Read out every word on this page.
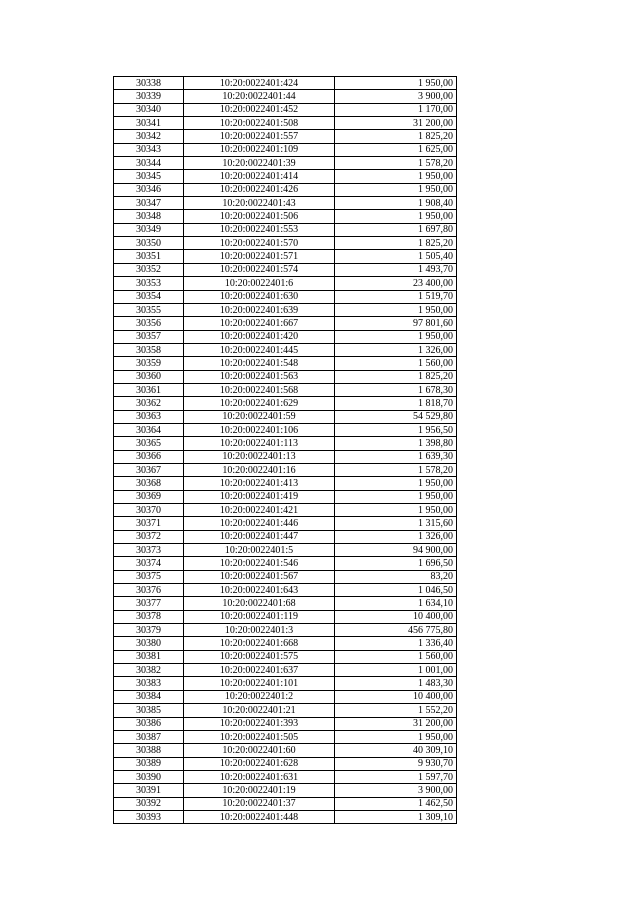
30338	10:20:0022401:424	1 950,00
30339	10:20:0022401:44	3 900,00
30340	10:20:0022401:452	1 170,00
30341	10:20:0022401:508	31 200,00
30342	10:20:0022401:557	1 825,20
30343	10:20:0022401:109	1 625,00
30344	10:20:0022401:39	1 578,20
30345	10:20:0022401:414	1 950,00
30346	10:20:0022401:426	1 950,00
30347	10:20:0022401:43	1 908,40
30348	10:20:0022401:506	1 950,00
30349	10:20:0022401:553	1 697,80
30350	10:20:0022401:570	1 825,20
30351	10:20:0022401:571	1 505,40
30352	10:20:0022401:574	1 493,70
30353	10:20:0022401:6	23 400,00
30354	10:20:0022401:630	1 519,70
30355	10:20:0022401:639	1 950,00
30356	10:20:0022401:667	97 801,60
30357	10:20:0022401:420	1 950,00
30358	10:20:0022401:445	1 326,00
30359	10:20:0022401:548	1 560,00
30360	10:20:0022401:563	1 825,20
30361	10:20:0022401:568	1 678,30
30362	10:20:0022401:629	1 818,70
30363	10:20:0022401:59	54 529,80
30364	10:20:0022401:106	1 956,50
30365	10:20:0022401:113	1 398,80
30366	10:20:0022401:13	1 639,30
30367	10:20:0022401:16	1 578,20
30368	10:20:0022401:413	1 950,00
30369	10:20:0022401:419	1 950,00
30370	10:20:0022401:421	1 950,00
30371	10:20:0022401:446	1 315,60
30372	10:20:0022401:447	1 326,00
30373	10:20:0022401:5	94 900,00
30374	10:20:0022401:546	1 696,50
30375	10:20:0022401:567	83,20
30376	10:20:0022401:643	1 046,50
30377	10:20:0022401:68	1 634,10
30378	10:20:0022401:119	10 400,00
30379	10:20:0022401:3	456 775,80
30380	10:20:0022401:668	1 336,40
30381	10:20:0022401:575	1 560,00
30382	10:20:0022401:637	1 001,00
30383	10:20:0022401:101	1 483,30
30384	10:20:0022401:2	10 400,00
30385	10:20:0022401:21	1 552,20
30386	10:20:0022401:393	31 200,00
30387	10:20:0022401:505	1 950,00
30388	10:20:0022401:60	40 309,10
30389	10:20:0022401:628	9 930,70
30390	10:20:0022401:631	1 597,70
30391	10:20:0022401:19	3 900,00
30392	10:20:0022401:37	1 462,50
30393	10:20:0022401:448	1 309,10
